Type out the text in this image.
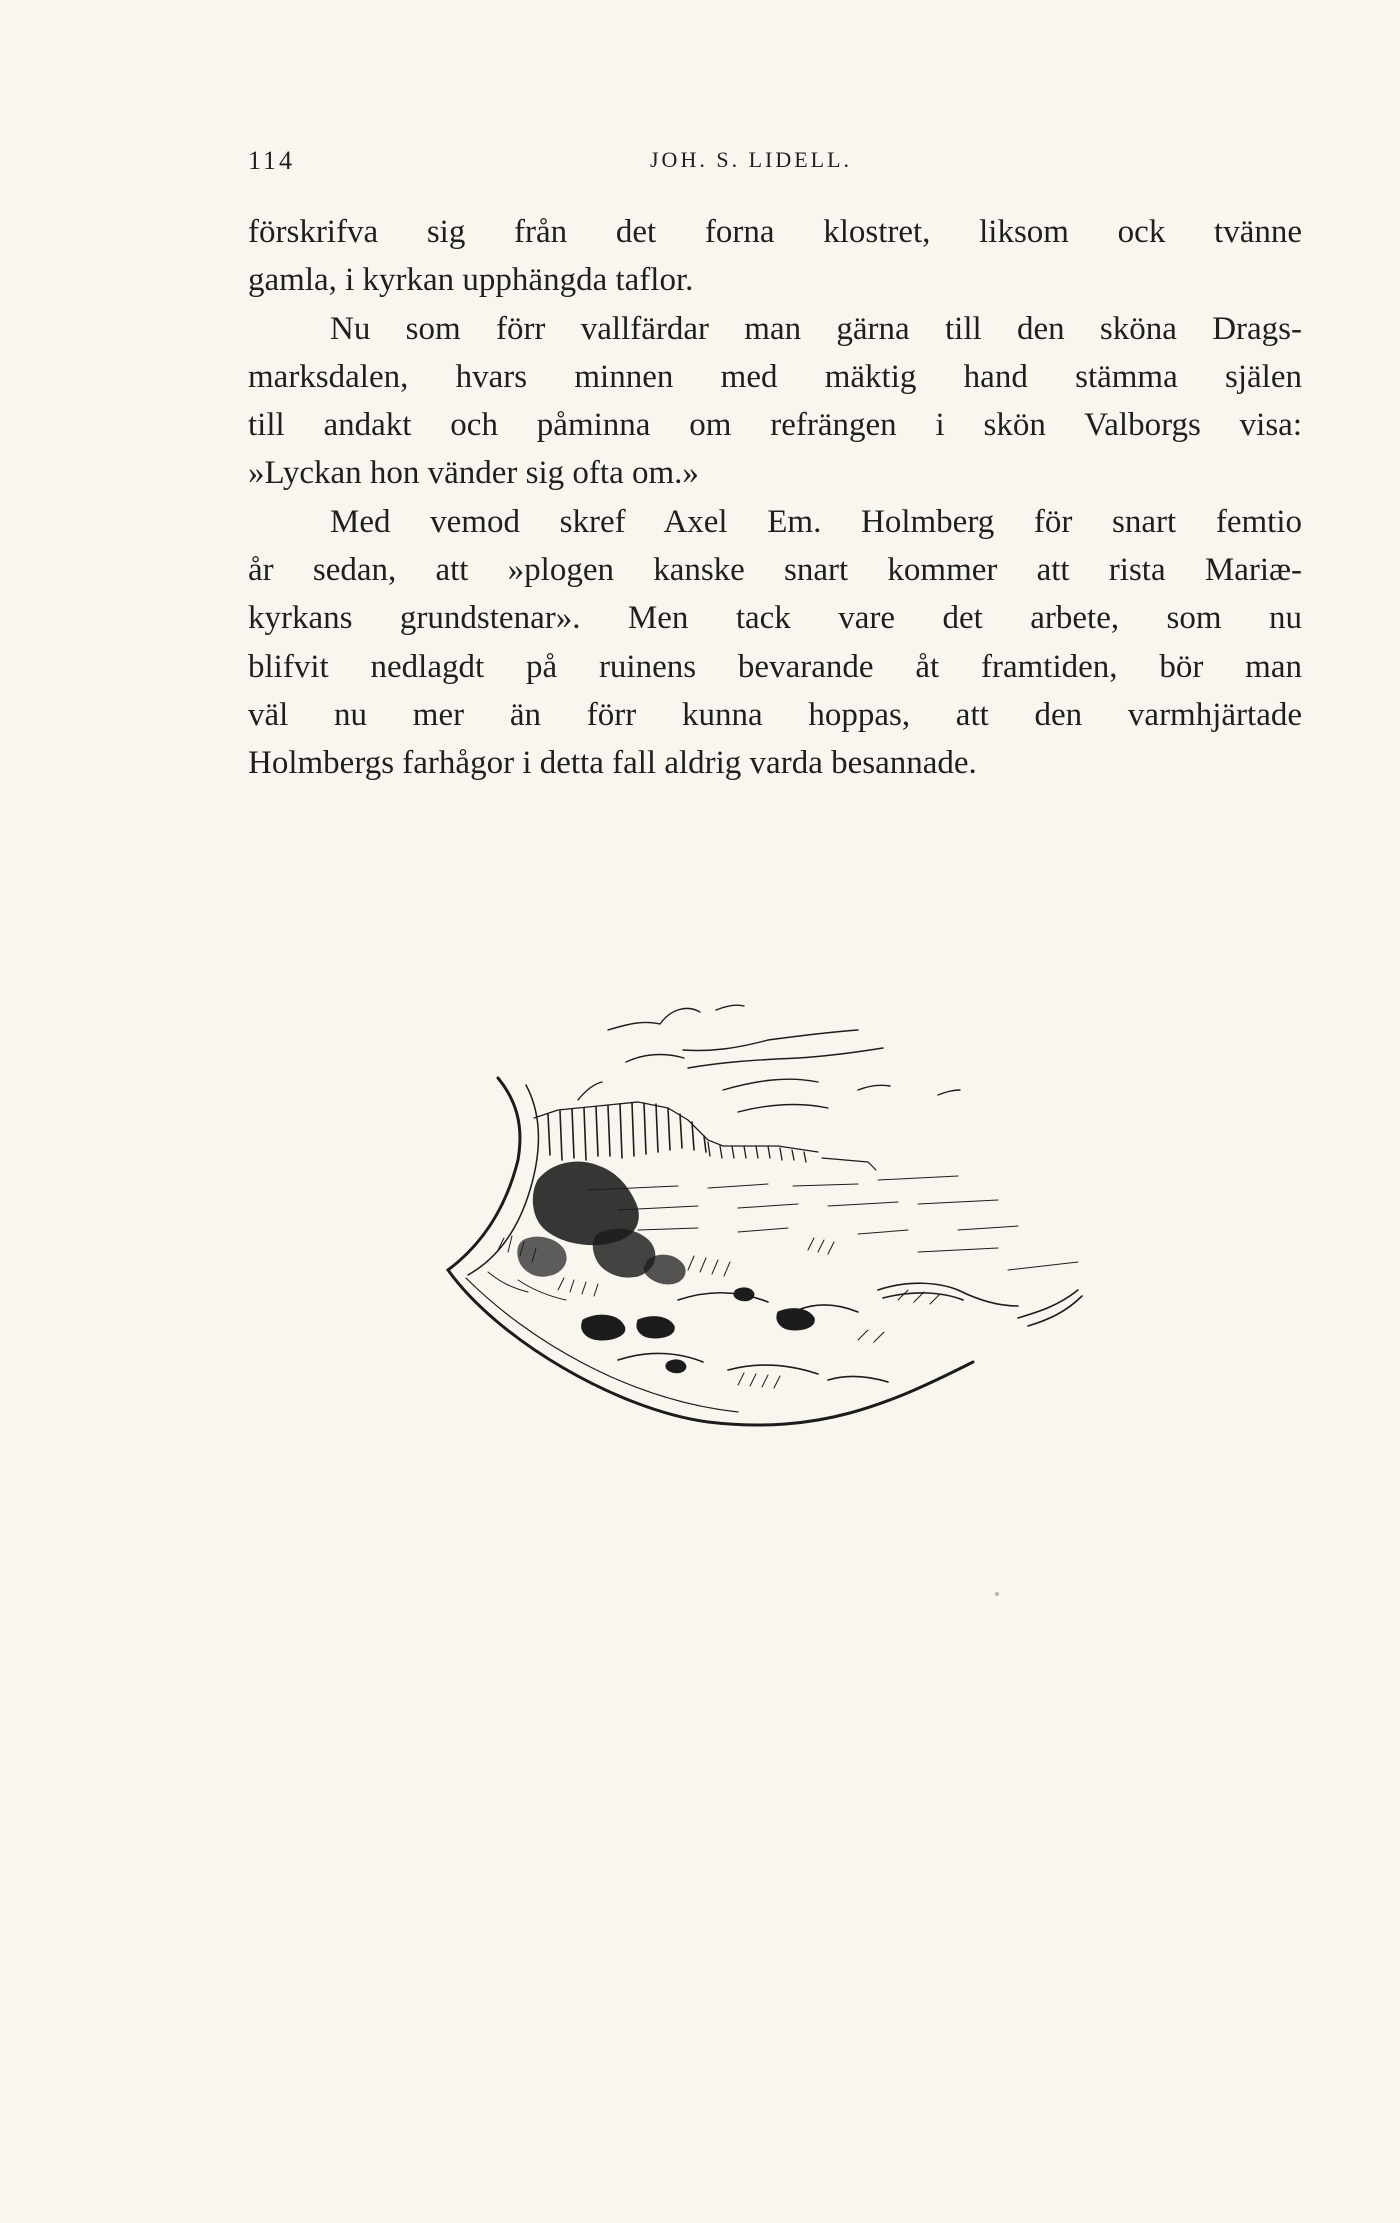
114	JOH. S. LIDELL.
förskrifva sig från det forna klostret, liksom ock tvänne
gamla, i kyrkan upphängda taflor.
Nu som förr vallfärdar man gärna till den sköna Drags-
marksdalen, hvars minnen med mäktig hand stämma själen
till andakt och påminna om refrängen i skön Valborgs visa:
»Lyckan hon vänder sig ofta om.»
Med vemod skref Axel Em. Holmberg för snart femtio
år sedan, att »plogen kanske snart kommer att rista Mariæ-
kyrkans grundstenar». Men tack vare det arbete, som nu
blifvit nedlagdt på ruinens bevarande åt framtiden, bör man
väl nu mer än förr kunna hoppas, att den varmhjärtade
Holmbergs farhågor i detta fall aldrig varda besannade.
